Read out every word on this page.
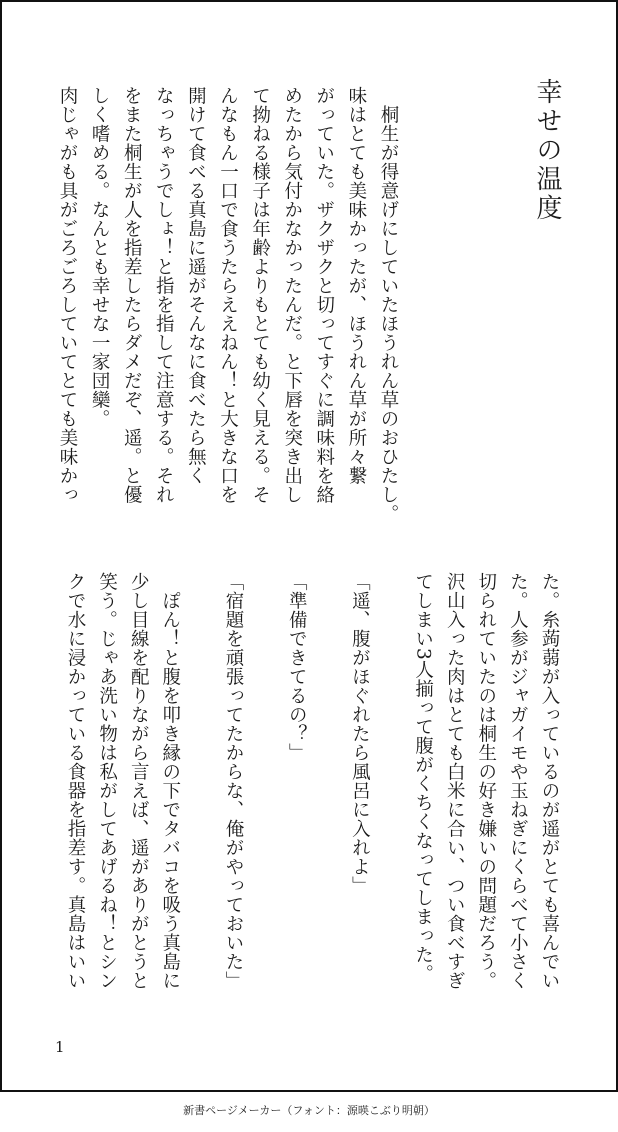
幸せの温度
　桐生が得意げにしていたほうれん草のおひたし。
味はとても美味かったが、ほうれん草が所々繋
がっていた。ザクザクと切ってすぐに調味料を絡
めたから気付かなかったんだ。と下唇を突き出し
て拗ねる様子は年齢よりもとても幼く見える。そ
んなもん一口で食うたらええねん！と大きな口を
開けて食べる真島に遥がそんなに食べたら無く
なっちゃうでしょ！と指を指して注意する。それ
をまた桐生が人を指差したらダメだぞ、遥。と優
しく嗜める。なんとも幸せな一家団欒。
肉じゃがも具がごろごろしていてとても美味かっ
た。糸蒟蒻が入っているのが遥がとても喜んでい
た。人参がジャガイモや玉ねぎにくらべて小さく
切られていたのは桐生の好き嫌いの問題だろう。
沢山入った肉はとても白米に合い、つい食べすぎ
てしまい3人揃って腹がくちくなってしまった。
「遥、腹がほぐれたら風呂に入れよ」
「準備できてるの？」
「宿題を頑張ってたからな、俺がやっておいた」
　ぽん！と腹を叩き縁の下でタバコを吸う真島に
少し目線を配りながら言えば、遥がありがとうと
笑う。じゃあ洗い物は私がしてあげるね！とシン
クで水に浸かっている食器を指差す。真島はいい
1
新書ページメーカー（フォント：源暎こぶり明朝）
